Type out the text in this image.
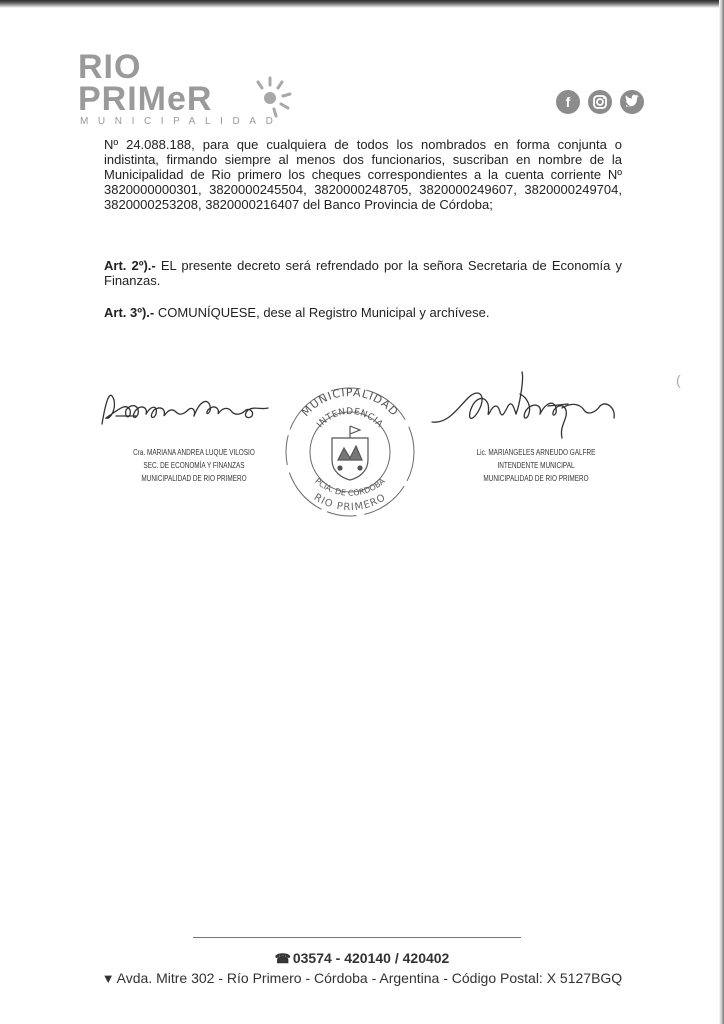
RIO
PRIMeR
MUNICIPALIDAD
f
Nº 24.088.188, para que cualquiera de todos los nombrados en forma conjunta o indistinta, firmando siempre al menos dos funcionarios, suscriban en nombre de la Municipalidad de Rio primero los cheques correspondientes a la cuenta corriente Nº 3820000000301, 3820000245504, 3820000248705, 3820000249607, 3820000249704, 3820000253208, 3820000216407 del Banco Provincia de Córdoba;
Art. 2º).- EL presente decreto será refrendado por la señora Secretaria de Economía y Finanzas.
Art. 3º).- COMUNÍQUESE, dese al Registro Municipal y archívese.
(
Cra. MARIANA ANDREA LUQUE VILOSIO
SEC. DE ECONOMÍA Y FINANZAS
MUNICIPALIDAD DE RIO PRIMERO
Lic. MARIANGELES ARNEUDO GALFRE
INTENDENTE MUNICIPAL
MUNICIPALIDAD DE RIO PRIMERO
MUNICIPALIDAD
INTENDENCIA
PCIA. DE CORDOBA
RIO PRIMERO
☎ 03574 - 420140 / 420402
▼ Avda. Mitre 302 - Río Primero - Córdoba - Argentina - Código Postal: X 5127BGQ
